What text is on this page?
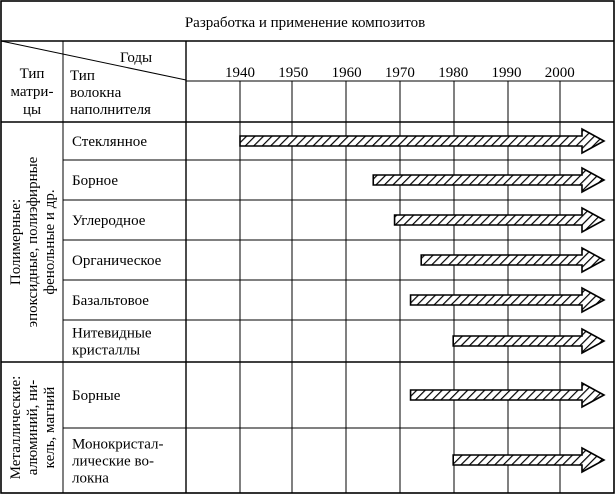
Разработка и применение композитов
Годы
Тип
матри-
цы
Тип
волокна
наполнителя
1940 1950 1960 1970 1980 1990 2000
Стеклянное
Борное
Углеродное
Органическое
Базальтовое
Нитевидные
кристаллы
Борные
Монокристал-
лические во-
локна
Полимерные: эпоксидные, полиэфирные фенольные и др.
Металлические: алюминий, ни- кель, магний
